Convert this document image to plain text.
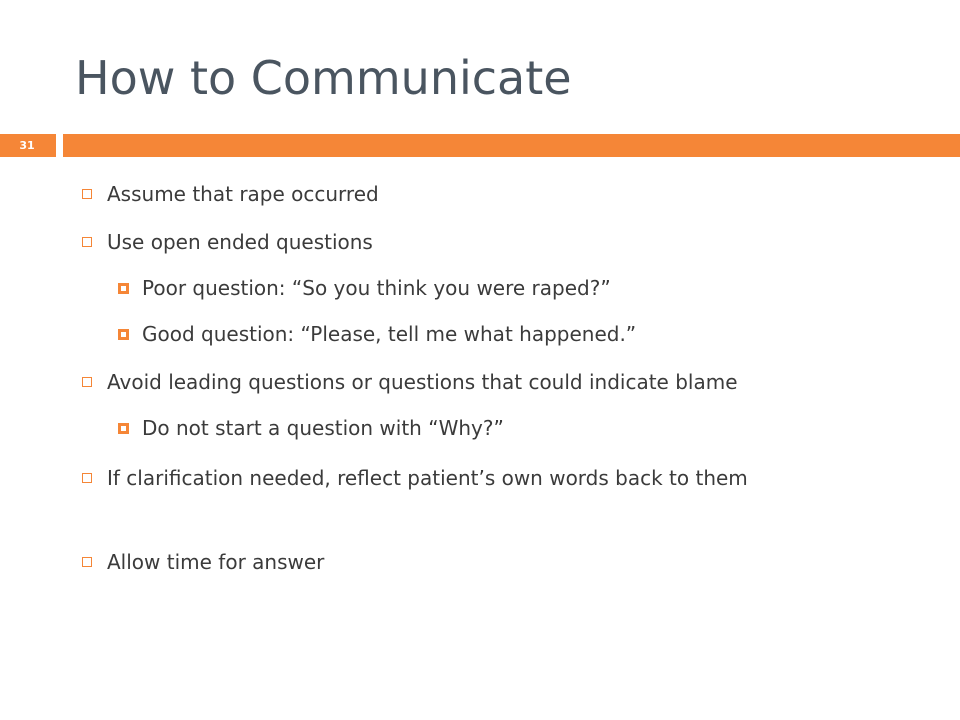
How to Communicate
31
Assume that rape occurred
Use open ended questions
Poor question: “So you think you were raped?”
Good question: “Please, tell me what happened.”
Avoid leading questions or questions that could indicate blame
Do not start a question with “Why?”
If clarification needed, reflect patient’s own words back to them
Allow time for answer
